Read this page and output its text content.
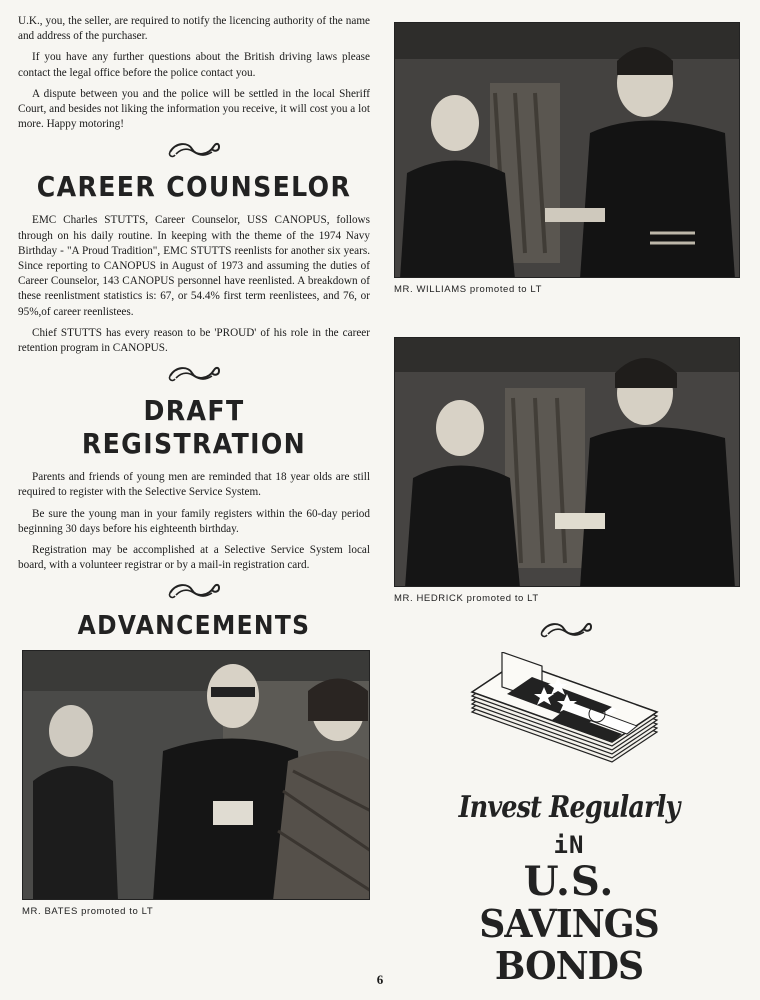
U.K., you, the seller, are required to notify the licencing authority of the name and address of the purchaser.

If you have any further questions about the British driving laws please contact the legal office before the police contact you.

A dispute between you and the police will be settled in the local Sheriff Court, and besides not liking the information you receive, it will cost you a lot more. Happy motoring!

CAREER COUNSELOR

EMC Charles STUTTS, Career Counselor, USS CANOPUS, follows through on his daily routine. In keeping with the theme of the 1974 Navy Birthday - "A Proud Tradition", EMC STUTTS reenlists for another six years. Since reporting to CANOPUS in August of 1973 and assuming the duties of Career Counselor, 143 CANOPUS personnel have reenlisted. A breakdown of these reenlistment statistics is: 67, or 54.4% first term reenlistees, and 76, or 95%,of career reenlistees.

Chief STUTTS has every reason to be 'PROUD' of his role in the career retention program in CANOPUS.

DRAFT REGISTRATION

Parents and friends of young men are reminded that 18 year olds are still required to register with the Selective Service System.

Be sure the young man in your family registers within the 60-day period beginning 30 days before his eighteenth birthday.

Registration may be accomplished at a Selective Service System local board, with a volunteer registrar or by a mail-in registration card.

ADVANCEMENTS
MR. BATES promoted to LT
MR. WILLIAMS promoted to LT
MR. HEDRICK promoted to LT
Invest Regularly
iN
U.S.
SAVINGS BONDS
6
